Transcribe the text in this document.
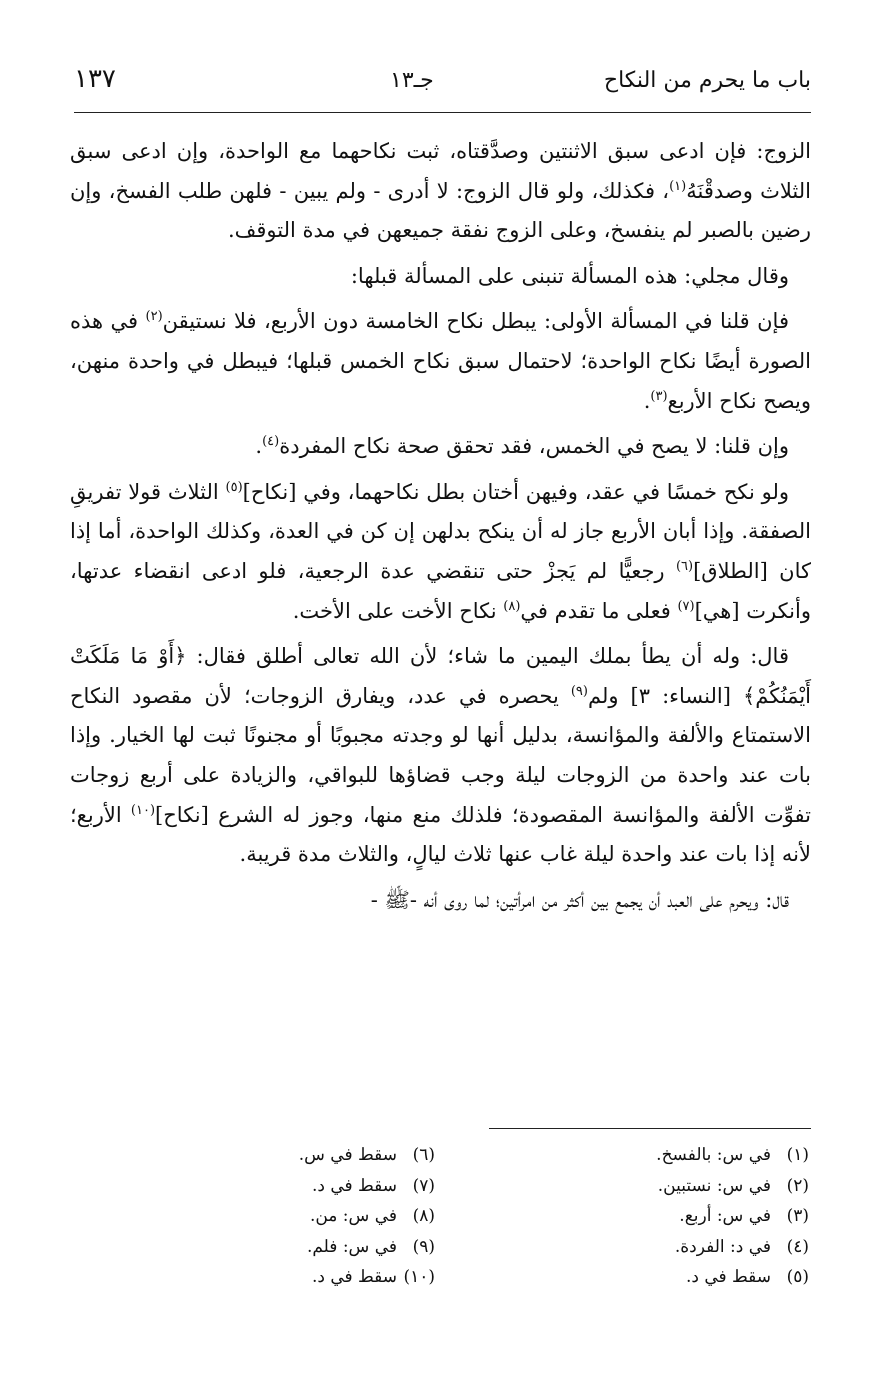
باب ما يحرم من النكاح
جـ١٣
١٣٧

الزوج: فإن ادعى سبق الاثنتين وصدَّقتاه، ثبت نكاحهما مع الواحدة، وإن ادعى سبق الثلاث وصدقْنَهُ$^{(١)}$، فكذلك، ولو قال الزوج: لا أدرى - ولم يبين - فلهن طلب الفسخ، وإن رضين بالصبر لم ينفسخ، وعلى الزوج نفقة جميعهن في مدة التوقف.

وقال مجلي: هذه المسألة تنبنى على المسألة قبلها:

فإن قلنا في المسألة الأولى: يبطل نكاح الخامسة دون الأربع، فلا نستيقن$^{(٢)}$ في هذه الصورة أيضًا نكاح الواحدة؛ لاحتمال سبق نكاح الخمس قبلها؛ فيبطل في واحدة منهن، ويصح نكاح الأربع$^{(٣)}$.

وإن قلنا: لا يصح في الخمس، فقد تحقق صحة نكاح المفردة$^{(٤)}$.

ولو نكح خمسًا في عقد، وفيهن أختان بطل نكاحهما، وفي [نكاح]$^{(٥)}$ الثلاث قولا تفريقِ الصفقة. وإذا أبان الأربع جاز له أن ينكح بدلهن إن كن في العدة، وكذلك الواحدة، أما إذا كان [الطلاق]$^{(٦)}$ رجعيًّا لم يَجزْ حتى تنقضي عدة الرجعية، فلو ادعى انقضاء عدتها، وأنكرت [هي]$^{(٧)}$ فعلى ما تقدم في$^{(٨)}$ نكاح الأخت على الأخت.

قال: وله أن يطأ بملك اليمين ما شاء؛ لأن الله تعالى أطلق فقال: ﴿أَوْ مَا مَلَكَتْ أَيْمَنُكُمْ﴾ [النساء: ٣] ولم$^{(٩)}$ يحصره في عدد، ويفارق الزوجات؛ لأن مقصود النكاح الاستمتاع والألفة والمؤانسة، بدليل أنها لو وجدته مجبوبًا أو مجنونًا ثبت لها الخيار. وإذا بات عند واحدة من الزوجات ليلة وجب قضاؤها للبواقي، والزيادة على أربع زوجات تفوِّت الألفة والمؤانسة المقصودة؛ فلذلك منع منها، وجوز له الشرع [نكاح]$^{(١٠)}$ الأربع؛ لأنه إذا بات عند واحدة ليلة غاب عنها ثلاث ليالٍ، والثلاث مدة قريبة.

قال: ويحرم على العبد أن يجمع بين أكثر من امرأتين؛ لما روى أنه -ﷺ -

(١)في س: بالفسخ.
(٢)في س: نستبين.
(٣)في س: أربع.
(٤)في د: الفردة.
(٥)سقط في د.
(٦)سقط في س.
(٧)سقط في د.
(٨)في س: من.
(٩)في س: فلم.
(١٠)سقط في د.
